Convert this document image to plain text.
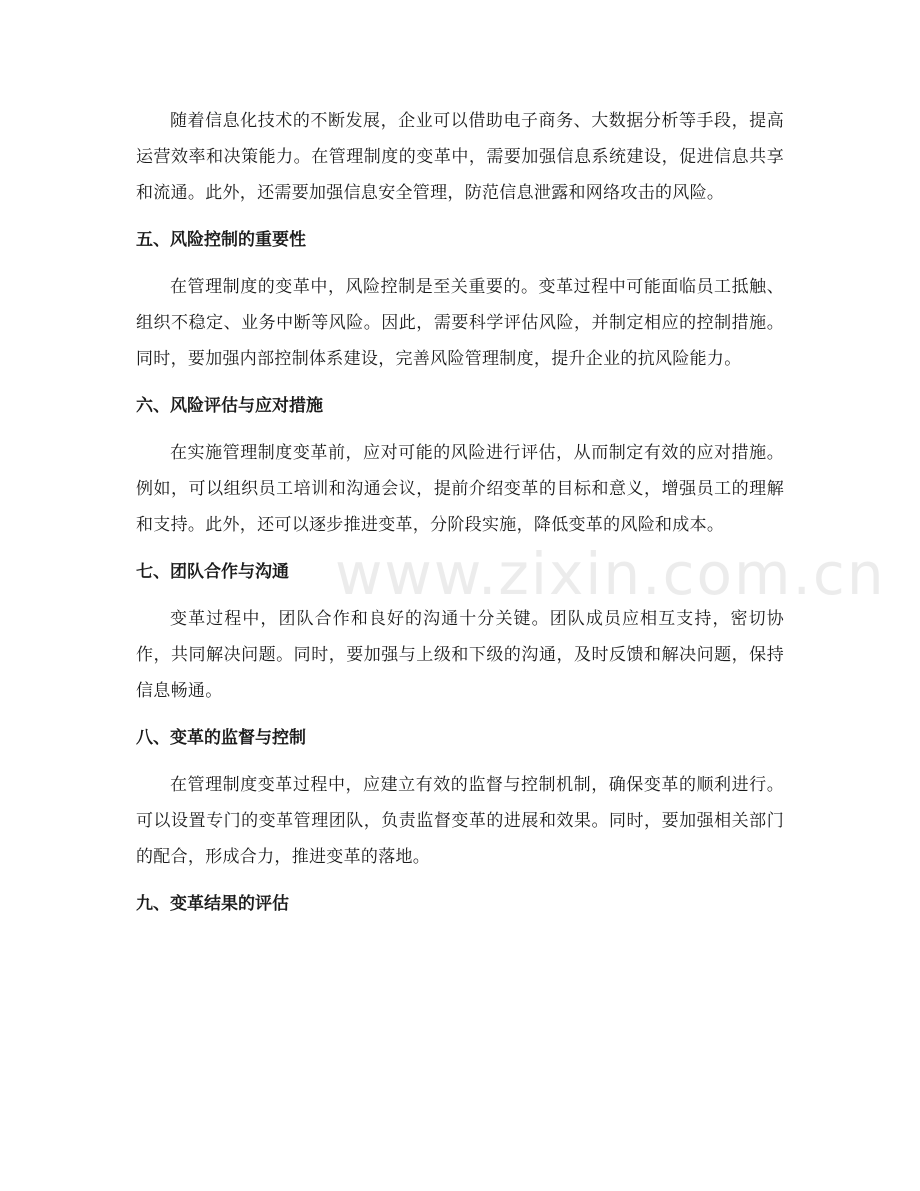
随着信息化技术的不断发展，企业可以借助电子商务、大数据分析等手段，提高运营效率和决策能力。在管理制度的变革中，需要加强信息系统建设，促进信息共享和流通。此外，还需要加强信息安全管理，防范信息泄露和网络攻击的风险。

五、风险控制的重要性

在管理制度的变革中，风险控制是至关重要的。变革过程中可能面临员工抵触、组织不稳定、业务中断等风险。因此，需要科学评估风险，并制定相应的控制措施。同时，要加强内部控制体系建设，完善风险管理制度，提升企业的抗风险能力。

六、风险评估与应对措施

在实施管理制度变革前，应对可能的风险进行评估，从而制定有效的应对措施。例如，可以组织员工培训和沟通会议，提前介绍变革的目标和意义，增强员工的理解和支持。此外，还可以逐步推进变革，分阶段实施，降低变革的风险和成本。

七、团队合作与沟通

变革过程中，团队合作和良好的沟通十分关键。团队成员应相互支持，密切协作，共同解决问题。同时，要加强与上级和下级的沟通，及时反馈和解决问题，保持信息畅通。

八、变革的监督与控制

在管理制度变革过程中，应建立有效的监督与控制机制，确保变革的顺利进行。可以设置专门的变革管理团队，负责监督变革的进展和效果。同时，要加强相关部门的配合，形成合力，推进变革的落地。

九、变革结果的评估
www.zixin.com.cn
